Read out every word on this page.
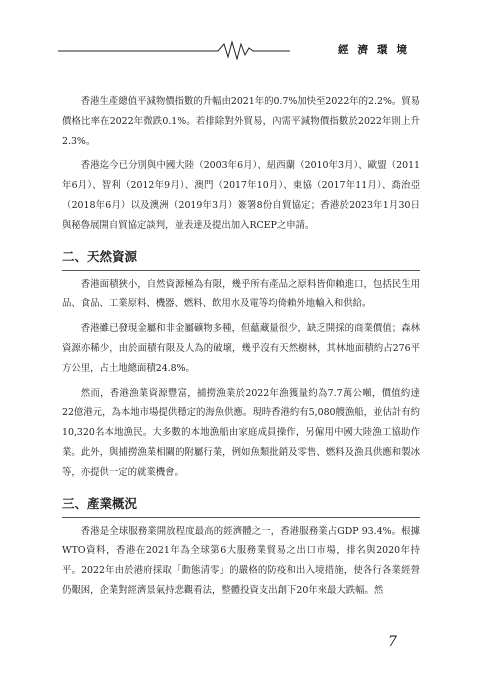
經濟環境

香港生產總值平減物價指數的升幅由2021年的0.7%加快至2022年的2.2%。貿易價格比率在2022年微跌0.1%。若排除對外貿易，內需平減物價指數於2022年則上升2.3%。

香港迄今已分別與中國大陸（2003年6月）、紐西蘭（2010年3月）、歐盟（2011年6月）、智利（2012年9月）、澳門（2017年10月）、東協（2017年11月）、喬治亞（2018年6月）以及澳洲（2019年3月）簽署8份自貿協定；香港於2023年1月30日與秘魯展開自貿協定談判，並表達及提出加入RCEP之申請。

二、天然資源

香港面積狹小，自然資源極為有限，幾乎所有產品之原料皆仰賴進口，包括民生用品、食品、工業原料、機器、燃料、飲用水及電等均倚賴外地輸入和供給。

香港雖已發現金屬和非金屬礦物多種，但蘊藏量很少，缺乏開採的商業價值；森林資源亦稀少，由於面積有限及人為的破壞，幾乎沒有天然樹林，其林地面積約占276平方公里，占土地總面積24.8%。

然而，香港漁業資源豐富，捕撈漁業於2022年漁獲量約為7.7萬公噸，價值約達22億港元，為本地市場提供穩定的海魚供應。現時香港約有5,080艘漁船，並估計有約10,320名本地漁民。大多數的本地漁船由家庭成員操作，另僱用中國大陸漁工協助作業。此外，與捕撈漁業相關的附屬行業，例如魚類批銷及零售、燃料及漁具供應和製冰等，亦提供一定的就業機會。

三、產業概況

香港是全球服務業開放程度最高的經濟體之一，香港服務業占GDP 93.4%。根據WTO資料，香港在2021年為全球第6大服務業貿易之出口市場，排名與2020年持平。2022年由於港府採取「動態清零」的嚴格的防疫和出入境措施，使各行各業經營仍艱困，企業對經濟景氣持悲觀看法，整體投資支出創下20年來最大跌幅。然

7
